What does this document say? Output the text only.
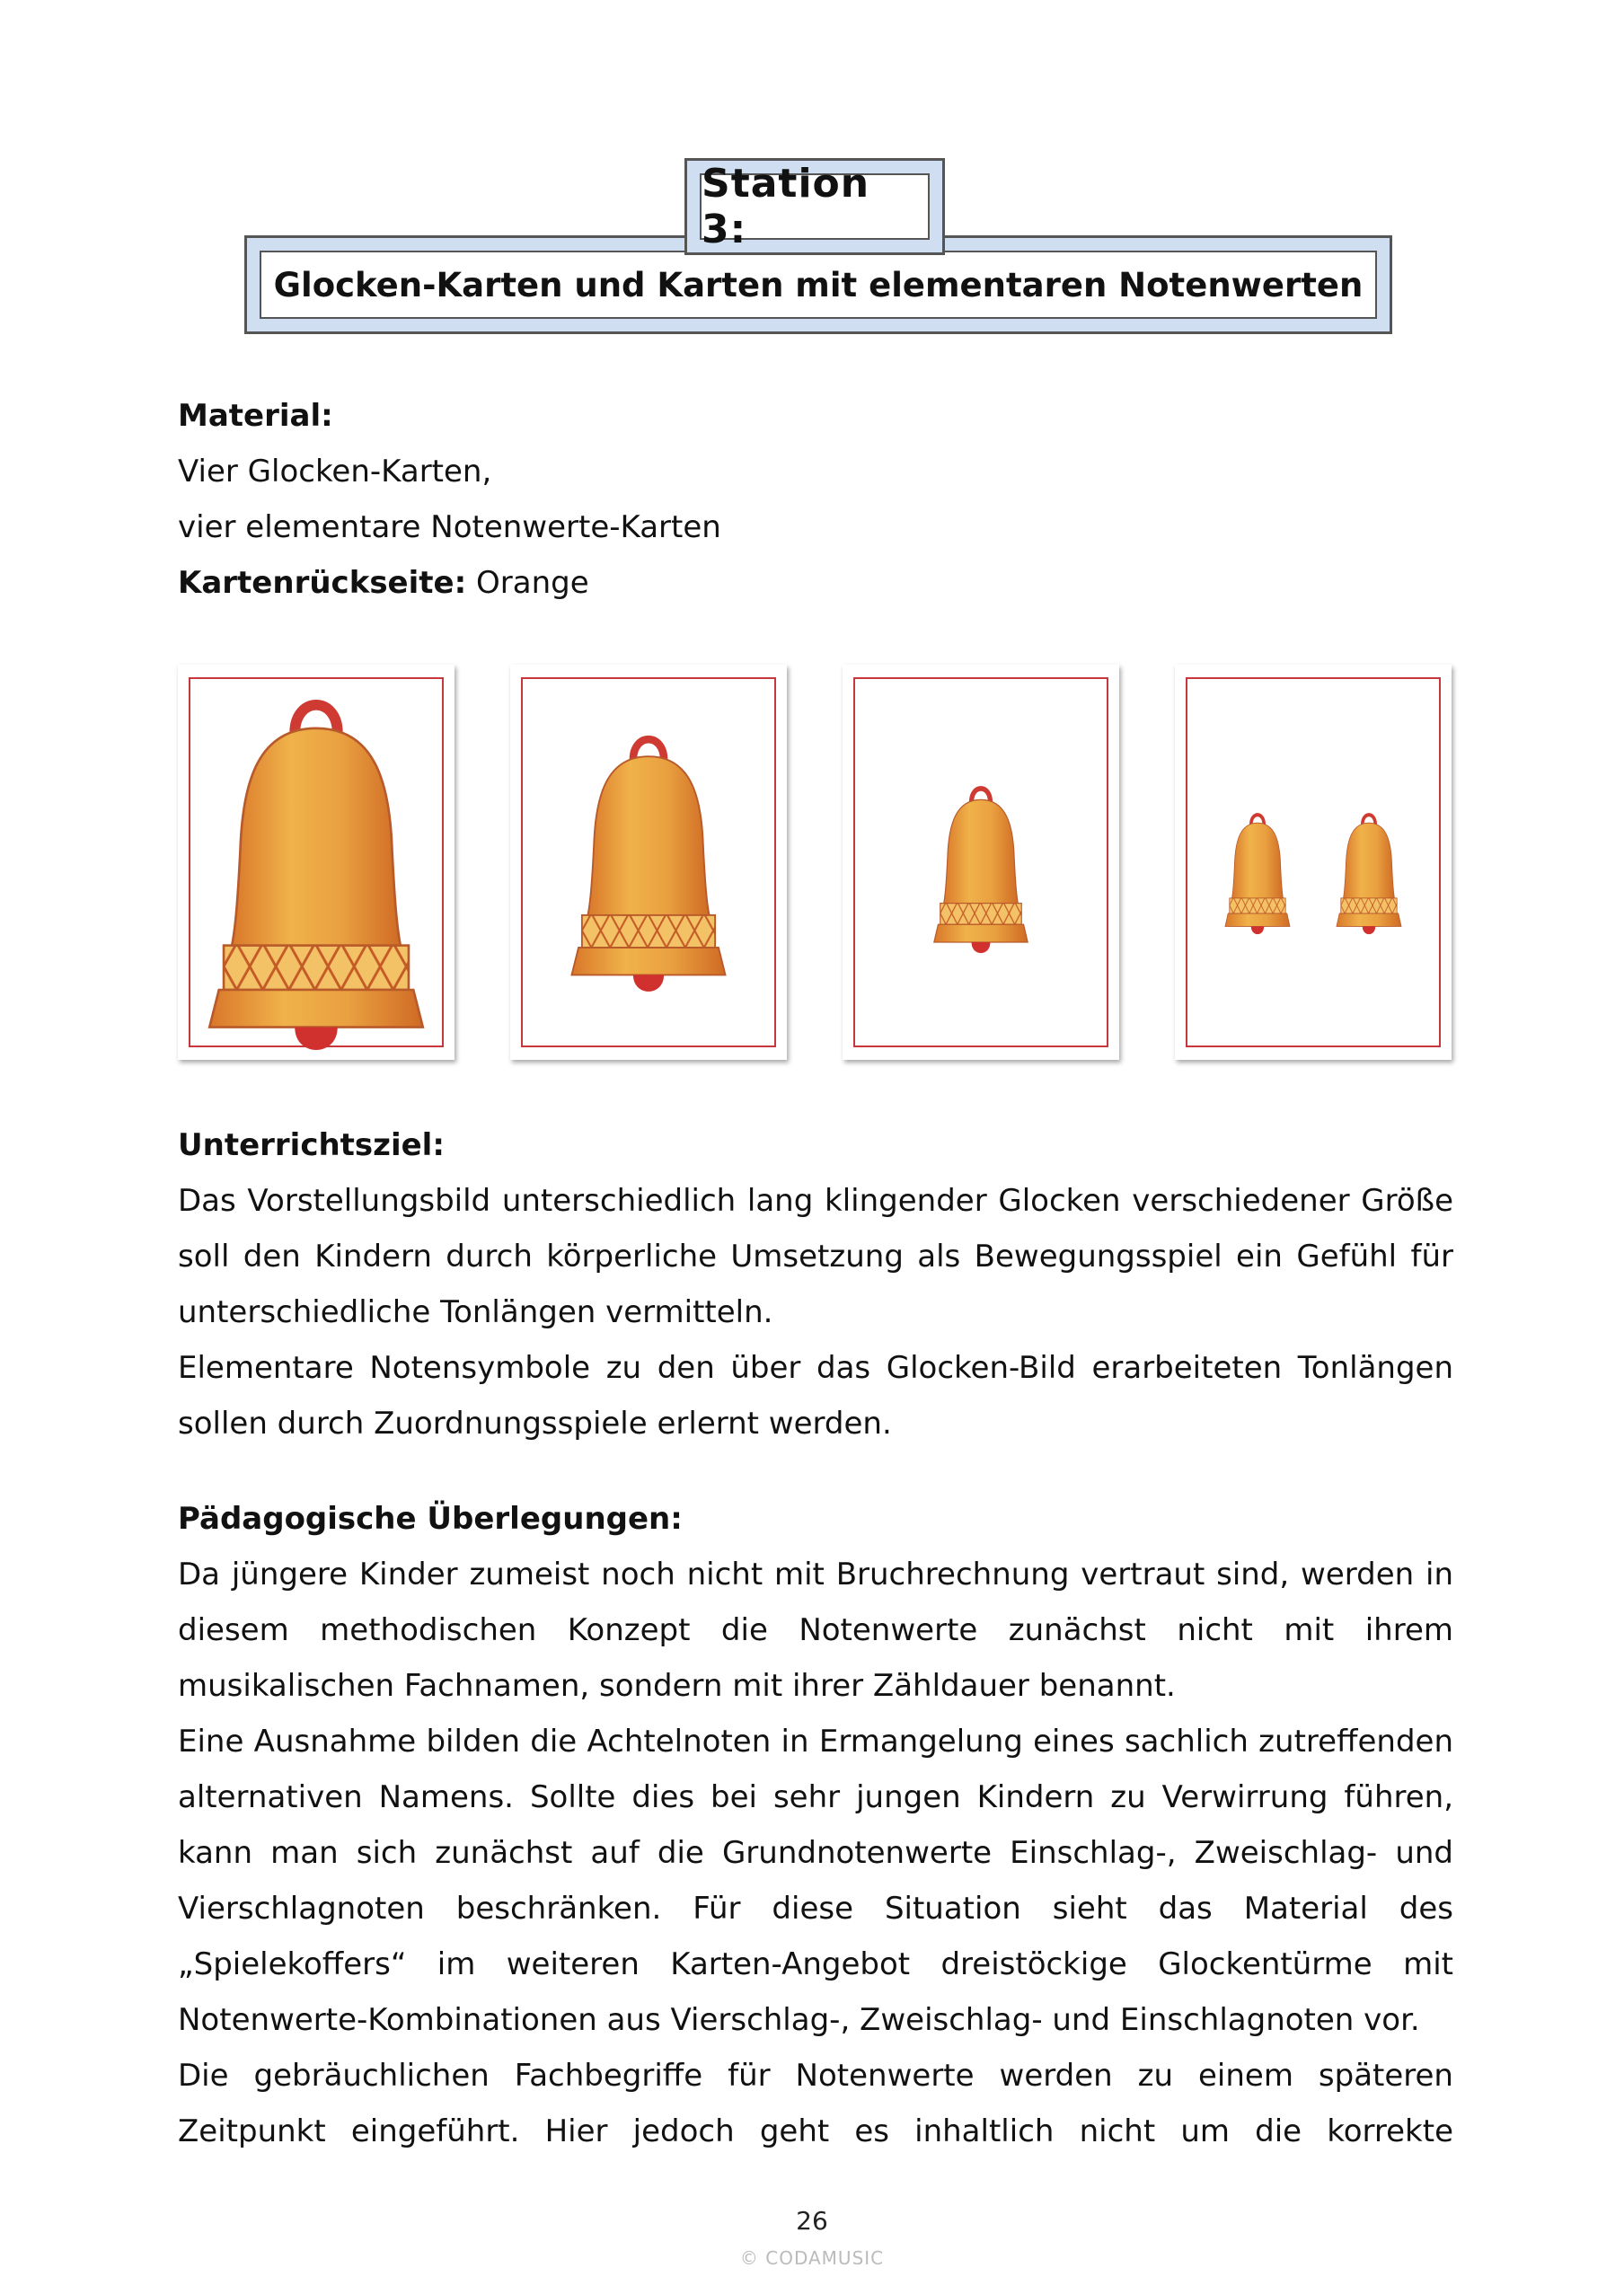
Glocken-Karten und Karten mit elementaren Notenwerten
Station 3:

Material:

Vier Glocken-Karten,

vier elementare Notenwerte-Karten

Kartenrückseite: Orange

Unterrichtsziel:

Das Vorstellungsbild unterschiedlich lang klingender Glocken verschiedener Größe

soll den Kindern durch körperliche Umsetzung als Bewegungsspiel ein Gefühl für

unterschiedliche Tonlängen vermitteln.

Elementare Notensymbole zu den über das Glocken-Bild erarbeiteten Tonlängen

sollen durch Zuordnungsspiele erlernt werden.

Pädagogische Überlegungen:

Da jüngere Kinder zumeist noch nicht mit Bruchrechnung vertraut sind, werden in

diesem methodischen Konzept die Notenwerte zunächst nicht mit ihrem

musikalischen Fachnamen, sondern mit ihrer Zähldauer benannt.

Eine Ausnahme bilden die Achtelnoten in Ermangelung eines sachlich zutreffenden

alternativen Namens. Sollte dies bei sehr jungen Kindern zu Verwirrung führen,

kann man sich zunächst auf die Grundnotenwerte Einschlag-, Zweischlag- und

Vierschlagnoten beschränken. Für diese Situation sieht das Material des

„Spielekoffers“ im weiteren Karten-Angebot dreistöckige Glockentürme mit

Notenwerte-Kombinationen aus Vierschlag-, Zweischlag- und Einschlagnoten vor.

Die gebräuchlichen Fachbegriffe für Notenwerte werden zu einem späteren

Zeitpunkt eingeführt. Hier jedoch geht es inhaltlich nicht um die korrekte

26
© CODAMUSIC
